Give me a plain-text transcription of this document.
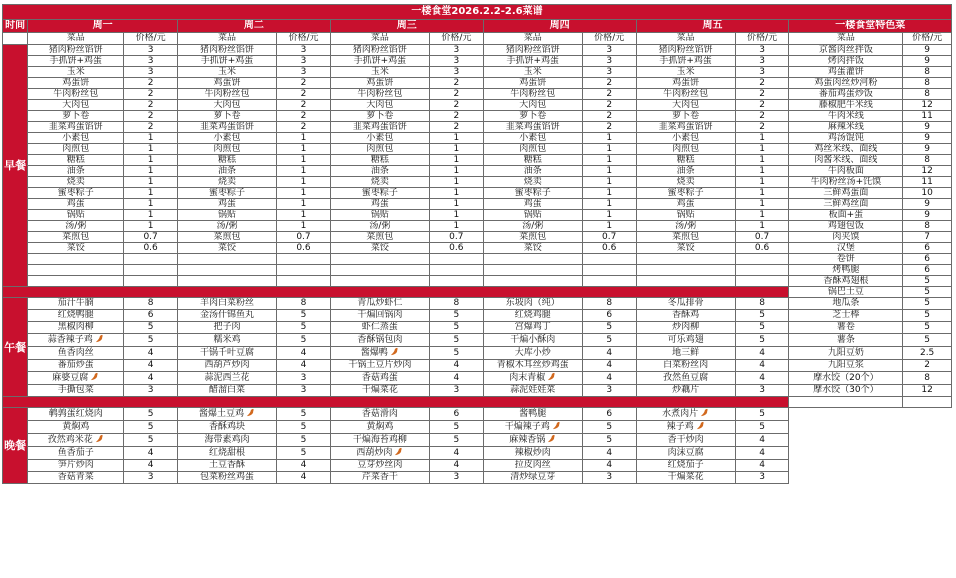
一楼食堂2026.2.2-2.6菜谱												
时间	周一		周二		周三		周四		周五		一楼食堂特色菜	
	菜品	价格/元	菜品	价格/元	菜品	价格/元	菜品	价格/元	菜品	价格/元	菜品	价格/元
早餐	猪肉粉丝馅饼	3	猪肉粉丝馅饼	3	猪肉粉丝馅饼	3	猪肉粉丝馅饼	3	猪肉粉丝馅饼	3	京酱肉丝拌饭	9
	手抓饼+鸡蛋	3	手抓饼+鸡蛋	3	手抓饼+鸡蛋	3	手抓饼+鸡蛋	3	手抓饼+鸡蛋	3	烤肉拌饭	9
	玉米	3	玉米	3	玉米	3	玉米	3	玉米	3	鸡蛋灌饼	8
	鸡蛋饼	2	鸡蛋饼	2	鸡蛋饼	2	鸡蛋饼	2	鸡蛋饼	2	鸡蛋肉丝炒河粉	8
	牛肉粉丝包	2	牛肉粉丝包	2	牛肉粉丝包	2	牛肉粉丝包	2	牛肉粉丝包	2	番茄鸡蛋炒饭	8
	大肉包	2	大肉包	2	大肉包	2	大肉包	2	大肉包	2	藤椒肥牛米线	12
	萝卜卷	2	萝卜卷	2	萝卜卷	2	萝卜卷	2	萝卜卷	2	牛肉米线	11
	韭菜鸡蛋馅饼	2	韭菜鸡蛋馅饼	2	韭菜鸡蛋馅饼	2	韭菜鸡蛋馅饼	2	韭菜鸡蛋馅饼	2	麻辣米线	9
	小素包	1	小素包	1	小素包	1	小素包	1	小素包	1	鸡汤馄饨	9
	肉煎包	1	肉煎包	1	肉煎包	1	肉煎包	1	肉煎包	1	鸡丝米线、面线	9
	糖糕	1	糖糕	1	糖糕	1	糖糕	1	糖糕	1	肉酱米线、面线	8
	油条	1	油条	1	油条	1	油条	1	油条	1	牛肉板面	12
	烧卖	1	烧卖	1	烧卖	1	烧卖	1	烧卖	1	牛肉粉丝汤+饦馍	11
	蜜枣粽子	1	蜜枣粽子	1	蜜枣粽子	1	蜜枣粽子	1	蜜枣粽子	1	三鲜鸡蛋面	10
	鸡蛋	1	鸡蛋	1	鸡蛋	1	鸡蛋	1	鸡蛋	1	三鲜鸡丝面	9
	锅贴	1	锅贴	1	锅贴	1	锅贴	1	锅贴	1	板面+蛋	9
	汤/粥	1	汤/粥	1	汤/粥	1	汤/粥	1	汤/粥	1	鸡翅包饭	8
	菜煎包	0.7	菜煎包	0.7	菜煎包	0.7	菜煎包	0.7	菜煎包	0.7	肉夹馍	7
	菜饺	0.6	菜饺	0.6	菜饺	0.6	菜饺	0.6	菜饺	0.6	汉堡	6
											卷饼	6
											烤鸭腿	6
											香酥鸡翅根	5
											锅巴土豆	5
午餐	茄汁牛腩	8	羊肉白菜粉丝	8	青瓜炒虾仁	8	东坡肉（纯）	8	冬瓜排骨	8	地瓜条	5
	红烧鸭腿	6	金汤什锦鱼丸	5	干煸回锅肉	5	红烧鸡腿	6	香酥鸡	5	芝士棒	5
	黑椒肉柳	5	把子肉	5	虾仁蒸蛋	5	宫爆鸡丁	5	炒肉柳	5	薯卷	5
	蒜香辣子鸡	5	糯米鸡	5	香酥锅包肉	5	干煸小酥肉	5	可乐鸡翅	5	薯条	5
	鱼香肉丝	4	干锅千叶豆腐	4	酱爆鸭	5	大库小炒	4	地三鲜	4	九阳豆奶	2.5
	番茄炒蛋	4	西葫芦炒肉	4	干锅土豆片炒肉	4	青椒木耳丝炒鸡蛋	4	白菜粉丝肉	4	九阳豆浆	2
	麻婆豆腐	4	蒜泥西兰花	3	香菇鸡蛋	4	肉末青椒	4	孜然鱼豆腐	4	摩水饺（20个）	8
	手撕包菜	3	醋溜白菜	3	干煸菜花	3	蒜泥娃娃菜	3	炒藕片	3	摩水饺（30个）	12

晚餐	鹌鹑蛋红烧肉	5	酱爆土豆鸡	5	香菇滑肉	6	酱鸭腿	6	水煮肉片	5		
	黄焖鸡	5	香酥鸡块	5	黄焖鸡	5	干煸辣子鸡	5	辣子鸡	5		
	孜然鸡米花	5	海带素鸡肉	5	干煸海苔鸡柳	5	麻辣香锅	5	香干炒肉	4		
	鱼香茄子	4	红烧甜根	5	西葫炒肉	4	辣椒炒肉	4	肉沫豆腐	4		
	笋片炒肉	4	土豆香酥	4	豆芽炒丝肉	4	拉皮肉丝	4	红烧茄子	4		
	香菇青菜	3	包菜粉丝鸡蛋	4	芹菜香干	3	清炒绿豆芽	3	干煸菜花	3		
